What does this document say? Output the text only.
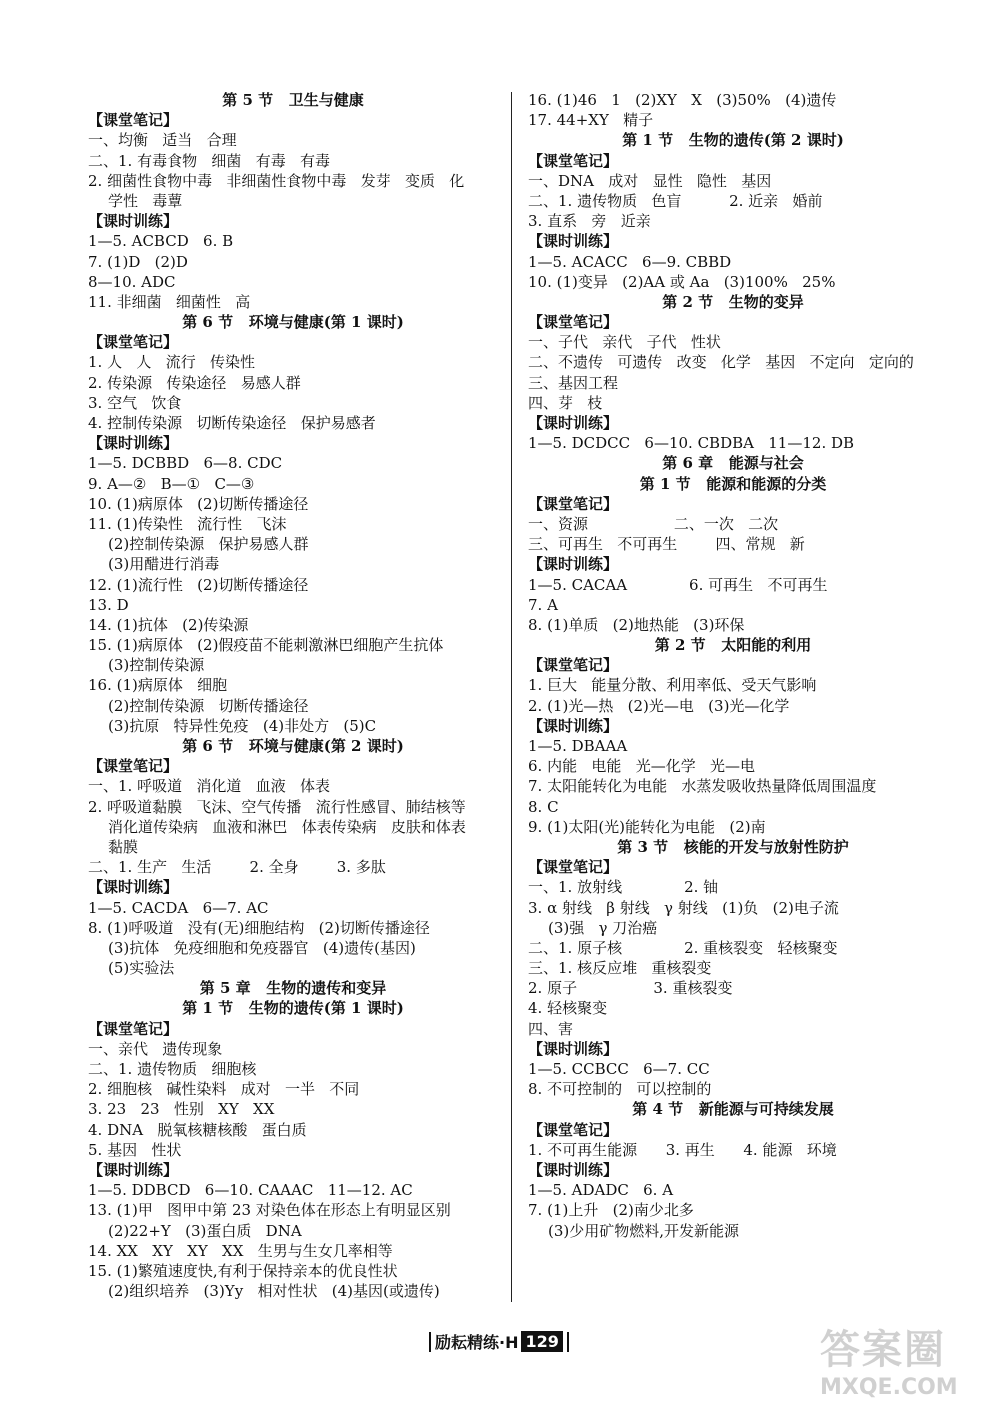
第 5 节   卫生与健康
【课堂笔记】
一、均衡   适当   合理
二、1. 有毒食物   细菌   有毒   有毒
2. 细菌性食物中毒   非细菌性食物中毒   发芽   变质   化
学性   毒蕈
【课时训练】
1—5. ACBCD   6. B
7. (1)D   (2)D
8—10. ADC
11. 非细菌   细菌性   高
第 6 节   环境与健康(第 1 课时)
【课堂笔记】
1. 人   人   流行   传染性
2. 传染源   传染途径   易感人群
3. 空气   饮食
4. 控制传染源   切断传染途径   保护易感者
【课时训练】
1—5. DCBBD   6—8. CDC
9. A—②   B—①   C—③
10. (1)病原体   (2)切断传播途径
11. (1)传染性   流行性   飞沫
(2)控制传染源   保护易感人群
(3)用醋进行消毒
12. (1)流行性   (2)切断传播途径
13. D
14. (1)抗体   (2)传染源
15. (1)病原体   (2)假疫苗不能刺激淋巴细胞产生抗体
(3)控制传染源
16. (1)病原体   细胞
(2)控制传染源   切断传播途径
(3)抗原   特异性免疫   (4)非处方   (5)C
第 6 节   环境与健康(第 2 课时)
【课堂笔记】
一、1. 呼吸道   消化道   血液   体表
2. 呼吸道黏膜   飞沫、空气传播   流行性感冒、肺结核等
消化道传染病   血液和淋巴   体表传染病   皮肤和体表
黏膜
二、1. 生产   生活        2. 全身        3. 多肽
【课时训练】
1—5. CACDA   6—7. AC
8. (1)呼吸道   没有(无)细胞结构   (2)切断传播途径
(3)抗体   免疫细胞和免疫器官   (4)遗传(基因)
(5)实验法
第 5 章   生物的遗传和变异
第 1 节   生物的遗传(第 1 课时)
【课堂笔记】
一、亲代   遗传现象
二、1. 遗传物质   细胞核
2. 细胞核   碱性染料   成对   一半   不同
3. 23   23   性别   XY   XX
4. DNA   脱氧核糖核酸   蛋白质
5. 基因   性状
【课时训练】
1—5. DDBCD   6—10. CAAAC   11—12. AC
13. (1)甲   图甲中第 23 对染色体在形态上有明显区别
(2)22+Y   (3)蛋白质   DNA
14. XX   XY   XY   XX   生男与生女几率相等
15. (1)繁殖速度快,有利于保持亲本的优良性状
(2)组织培养   (3)Yy   相对性状   (4)基因(或遗传)
16. (1)46   1   (2)XY   X   (3)50%   (4)遗传
17. 44+XY   精子
第 1 节   生物的遗传(第 2 课时)
【课堂笔记】
一、DNA   成对   显性   隐性   基因
二、1. 遗传物质   色盲          2. 近亲   婚前
3. 直系   旁   近亲
【课时训练】
1—5. ACACC   6—9. CBBD
10. (1)变异   (2)AA 或 Aa   (3)100%   25%
第 2 节   生物的变异
【课堂笔记】
一、子代   亲代   子代   性状
二、不遗传   可遗传   改变   化学   基因   不定向   定向的
三、基因工程
四、芽   枝
【课时训练】
1—5. DCDCC   6—10. CBDBA   11—12. DB
第 6 章   能源与社会
第 1 节   能源和能源的分类
【课堂笔记】
一、资源                  二、一次   二次
三、可再生   不可再生        四、常规   新
【课时训练】
1—5. CACAA             6. 可再生   不可再生
7. A
8. (1)单质   (2)地热能   (3)环保
第 2 节   太阳能的利用
【课堂笔记】
1. 巨大   能量分散、利用率低、受天气影响
2. (1)光—热   (2)光—电   (3)光—化学
【课时训练】
1—5. DBAAA
6. 内能   电能   光—化学   光—电
7. 太阳能转化为电能   水蒸发吸收热量降低周围温度
8. C
9. (1)太阳(光)能转化为电能   (2)南
第 3 节   核能的开发与放射性防护
【课堂笔记】
一、1. 放射线             2. 铀
3. α 射线   β 射线   γ 射线   (1)负   (2)电子流
(3)强   γ 刀治癌
二、1. 原子核             2. 重核裂变   轻核聚变
三、1. 核反应堆   重核裂变
2. 原子                3. 重核裂变
4. 轻核聚变
四、害
【课时训练】
1—5. CCBCC   6—7. CC
8. 不可控制的   可以控制的
第 4 节   新能源与可持续发展
【课堂笔记】
1. 不可再生能源      3. 再生      4. 能源   环境
【课时训练】
1—5. ADADC   6. A
7. (1)上升   (2)南少北多
(3)少用矿物燃料,开发新能源
励耘精练·H 129	答案圈
MXQE.COM
